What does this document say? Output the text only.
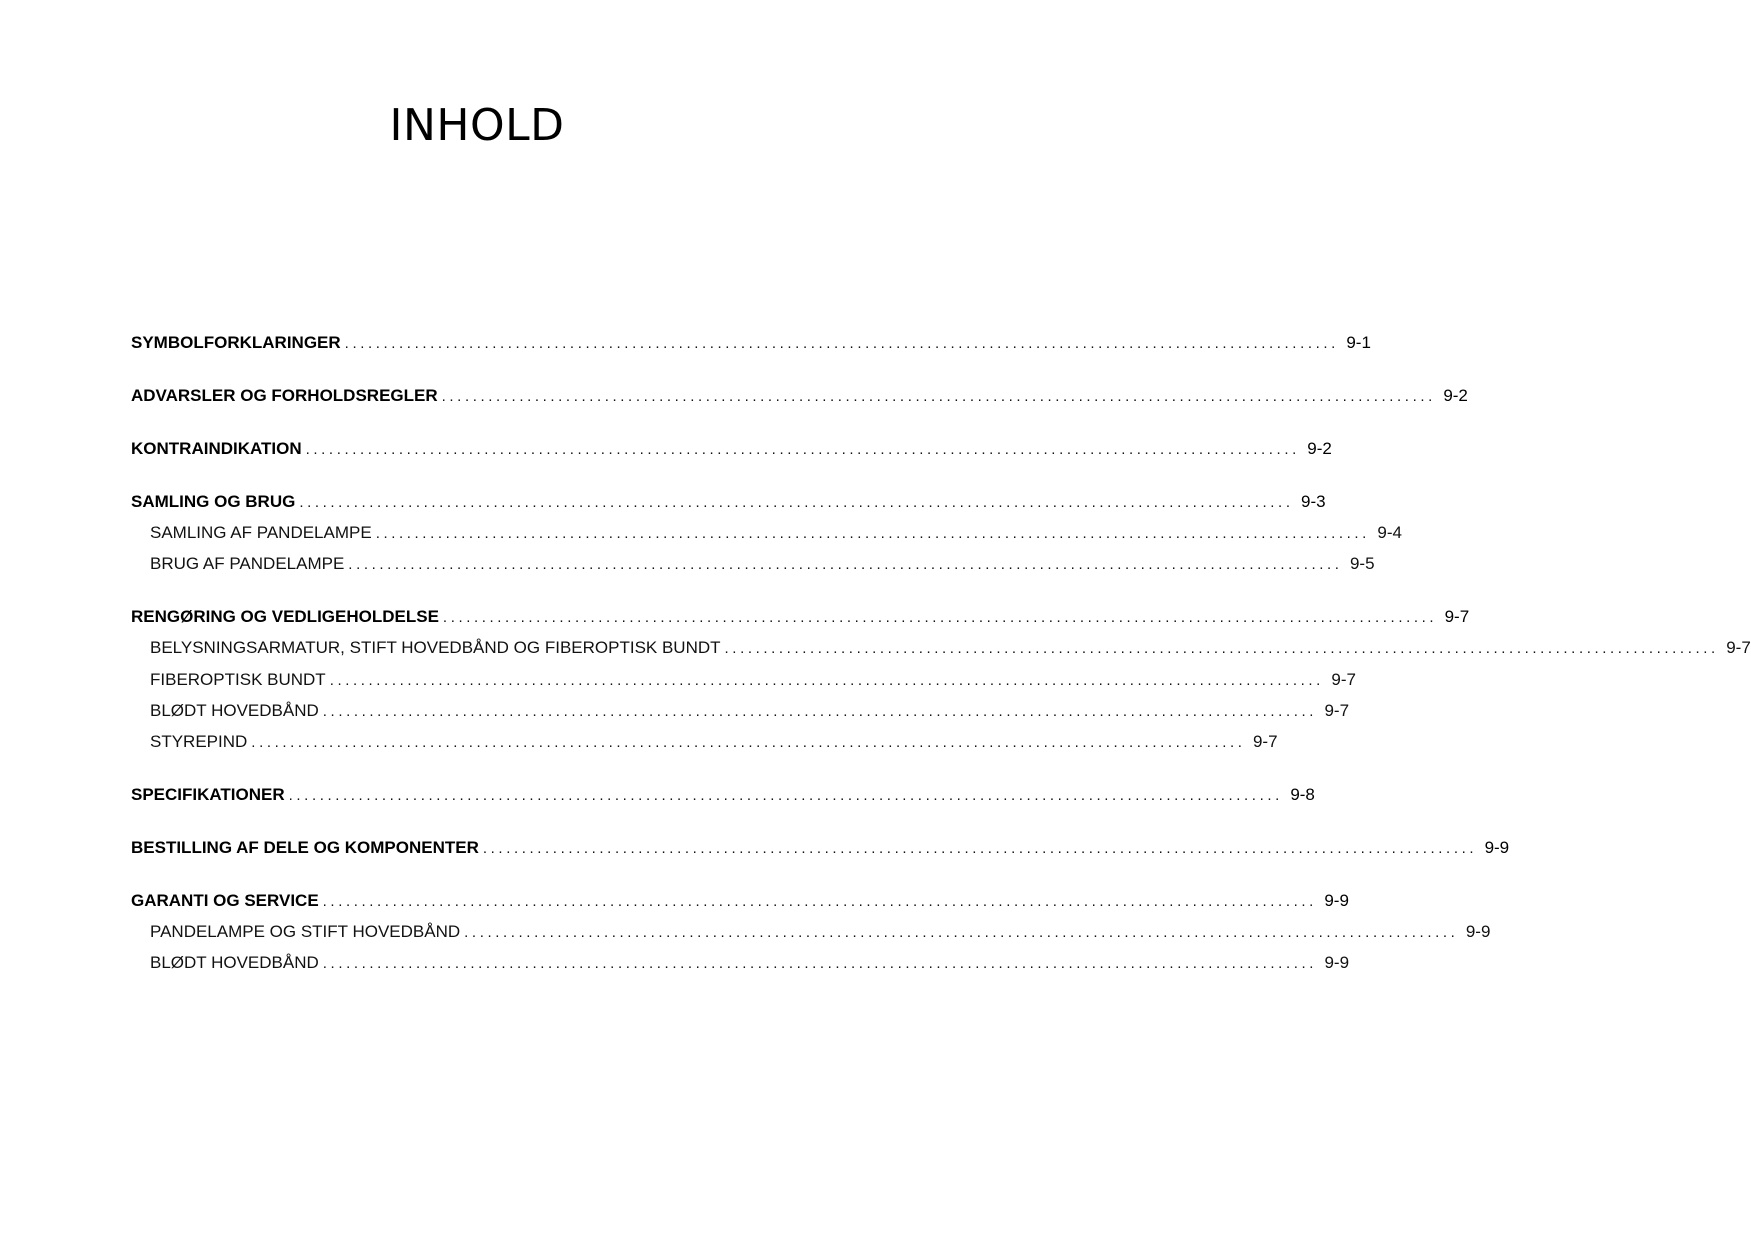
INHOLD
SYMBOLFORKLARINGER ................................................................................................................................ 9-1
ADVARSLER OG FORHOLDSREGLER ................................................................................................................................ 9-2
KONTRAINDIKATION ................................................................................................................................ 9-2
SAMLING OG BRUG ................................................................................................................................ 9-3
SAMLING AF PANDELAMPE ................................................................................................................................ 9-4
BRUG AF PANDELAMPE ................................................................................................................................ 9-5
RENGØRING OG VEDLIGEHOLDELSE ................................................................................................................................ 9-7
BELYSNINGSARMATUR, STIFT HOVEDBÅND OG FIBEROPTISK BUNDT ................................................................................................................................ 9-7
FIBEROPTISK BUNDT ................................................................................................................................ 9-7
BLØDT HOVEDBÅND ................................................................................................................................ 9-7
STYREPIND ................................................................................................................................ 9-7
SPECIFIKATIONER ................................................................................................................................ 9-8
BESTILLING AF DELE OG KOMPONENTER ................................................................................................................................ 9-9
GARANTI OG SERVICE ................................................................................................................................ 9-9
PANDELAMPE OG STIFT HOVEDBÅND ................................................................................................................................ 9-9
BLØDT HOVEDBÅND ................................................................................................................................ 9-9
